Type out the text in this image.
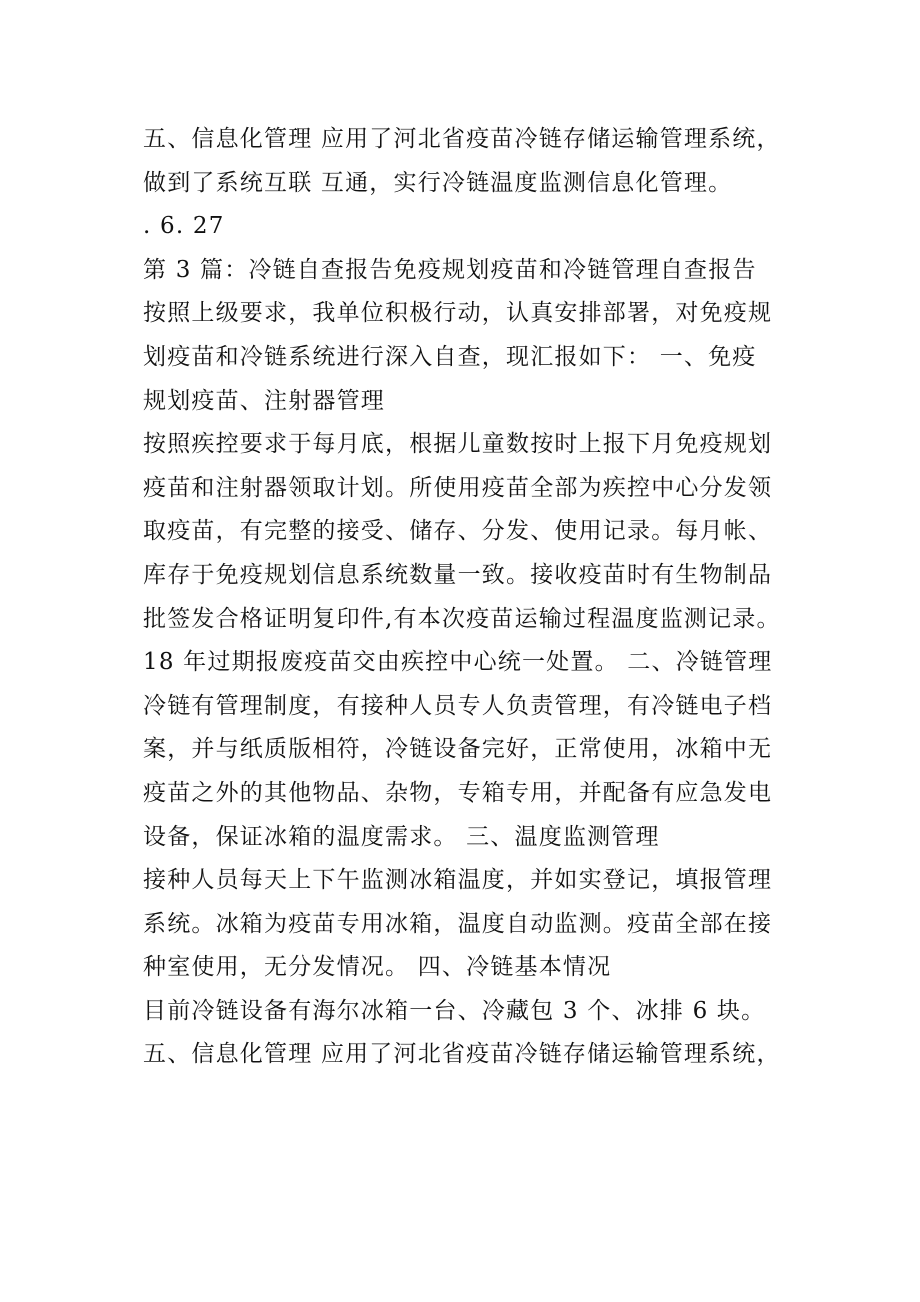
五、信息化管理 应用了河北省疫苗冷链存储运输管理系统，
做到了系统互联 互通，实行冷链温度监测信息化管理。
. 6. 27
第 3 篇：冷链自查报告免疫规划疫苗和冷链管理自查报告
按照上级要求，我单位积极行动，认真安排部署，对免疫规
划疫苗和冷链系统进行深入自查，现汇报如下： 一、免疫
规划疫苗、注射器管理
按照疾控要求于每月底，根据儿童数按时上报下月免疫规划
疫苗和注射器领取计划。所使用疫苗全部为疾控中心分发领
取疫苗，有完整的接受、储存、分发、使用记录。每月帐、
库存于免疫规划信息系统数量一致。接收疫苗时有生物制品
批签发合格证明复印件,有本次疫苗运输过程温度监测记录。
18 年过期报废疫苗交由疾控中心统一处置。 二、冷链管理
冷链有管理制度，有接种人员专人负责管理，有冷链电子档
案，并与纸质版相符，冷链设备完好，正常使用，冰箱中无
疫苗之外的其他物品、杂物，专箱专用，并配备有应急发电
设备，保证冰箱的温度需求。 三、温度监测管理
接种人员每天上下午监测冰箱温度，并如实登记，填报管理
系统。冰箱为疫苗专用冰箱，温度自动监测。疫苗全部在接
种室使用，无分发情况。 四、冷链基本情况
目前冷链设备有海尔冰箱一台、冷藏包 3 个、冰排 6 块。
五、信息化管理 应用了河北省疫苗冷链存储运输管理系统，
